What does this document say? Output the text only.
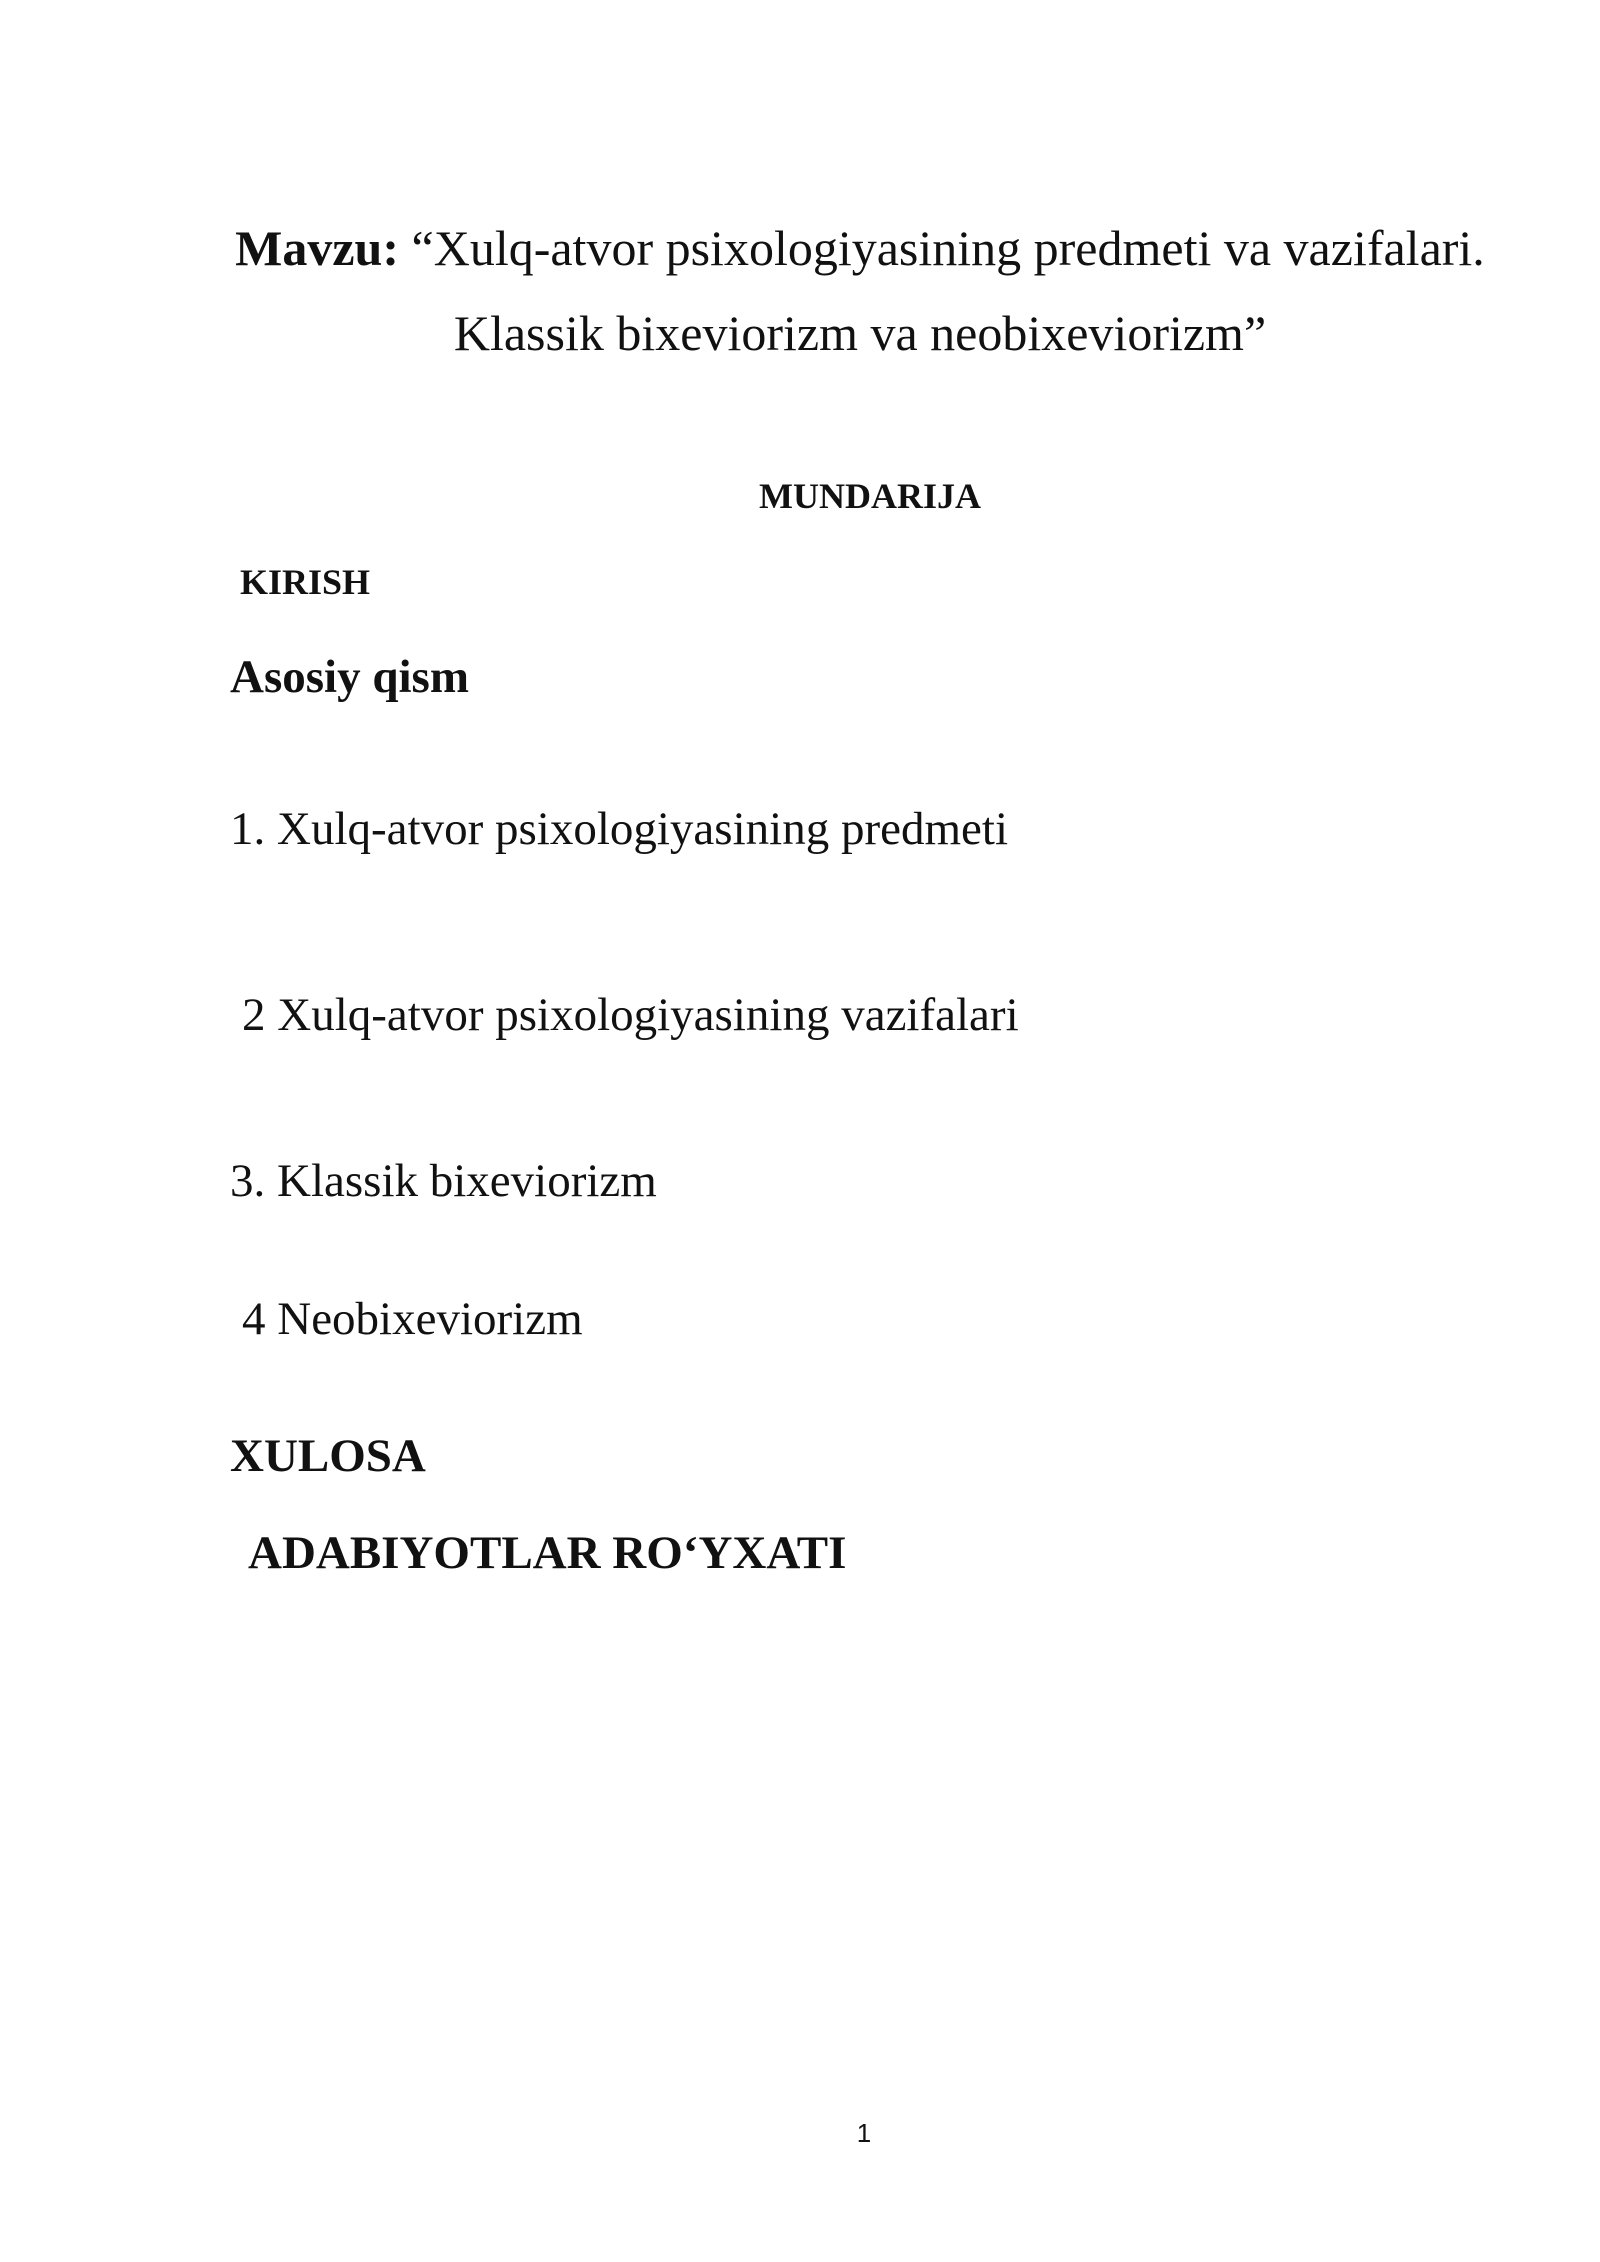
Mavzu: “Xulq-atvor psixologiyasining predmeti va vazifalari.
Klassik bixeviorizm va neobixeviorizm”
MUNDARIJA
KIRISH
Asosiy qism
1. Xulq-atvor psixologiyasining predmeti
2 Xulq-atvor psixologiyasining vazifalari
3. Klassik bixeviorizm
4 Neobixeviorizm
XULOSA
ADABIYOTLAR RO‘YXATI
1
